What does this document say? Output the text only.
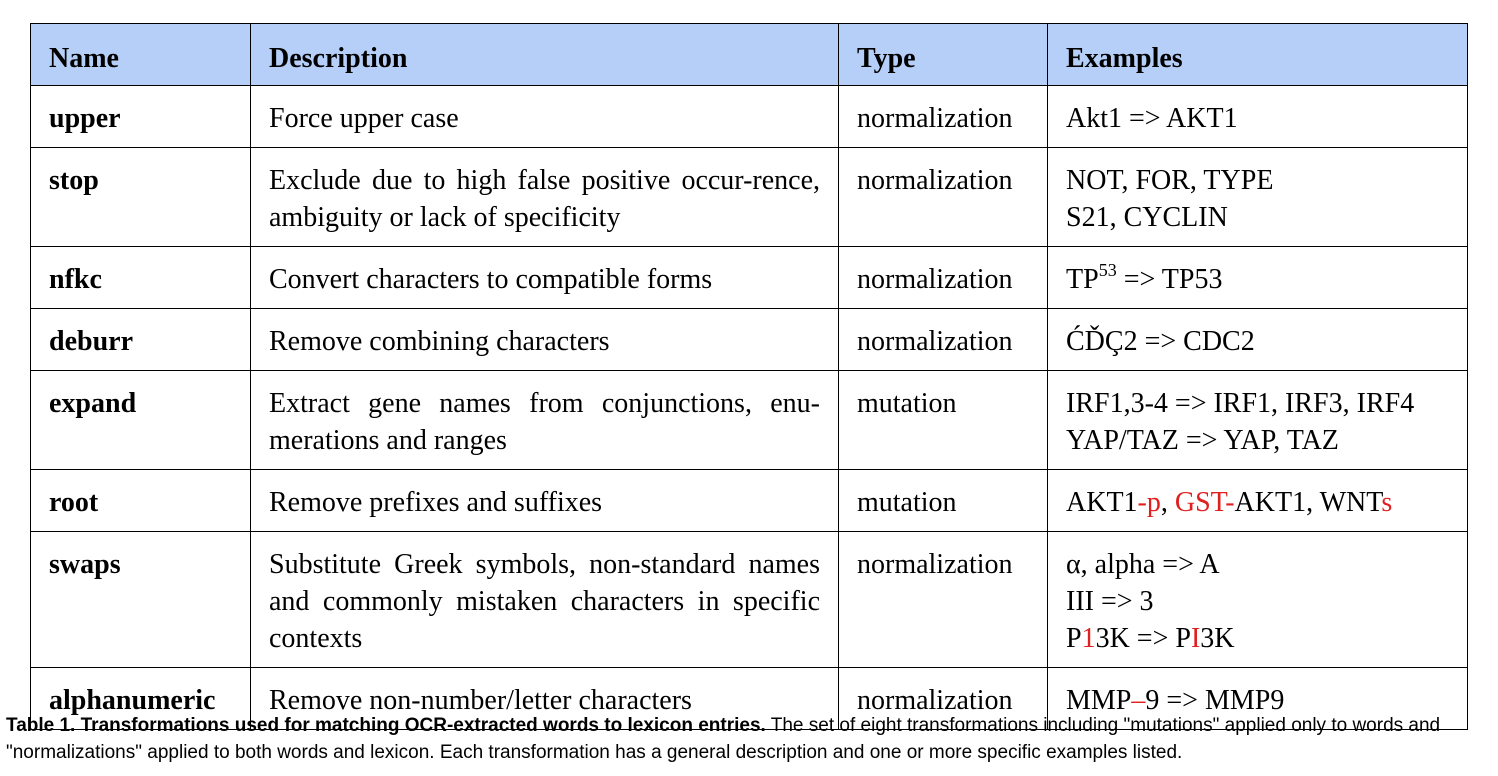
Name	Description	Type	Examples
upper	Force upper case	normalization	Akt1 => AKT1

stop	Exclude due to high false positive occur-rence, ambiguity or lack of specificity	normalization	NOT, FOR, TYPE
S21, CYCLIN

nfkc	Convert characters to compatible forms	normalization	$TP^{53} => TP53$

deburr	Remove combining characters	normalization	ĆĎÇ2 => CDC2

expand	Extract gene names from conjunctions, enu-merations and ranges	mutation	IRF1,3-4 => IRF1, IRF3, IRF4
YAP/TAZ => YAP, TAZ

root	Remove prefixes and suffixes	mutation	AKT1-p, GST-AKT1, WNTs

swaps	Substitute Greek symbols, non-standard names and commonly mistaken characters in specific contexts	normalization	α, alpha => A
III => 3
P13K => PI3K

alphanumeric	Remove non-number/letter characters	normalization	MMP–9 => MMP9
Table 1. Transformations used for matching OCR-extracted words to lexicon entries. The set of eight transformations including "mutations" applied only to words and "normalizations" applied to both words and lexicon. Each transformation has a general description and one or more specific examples listed.
